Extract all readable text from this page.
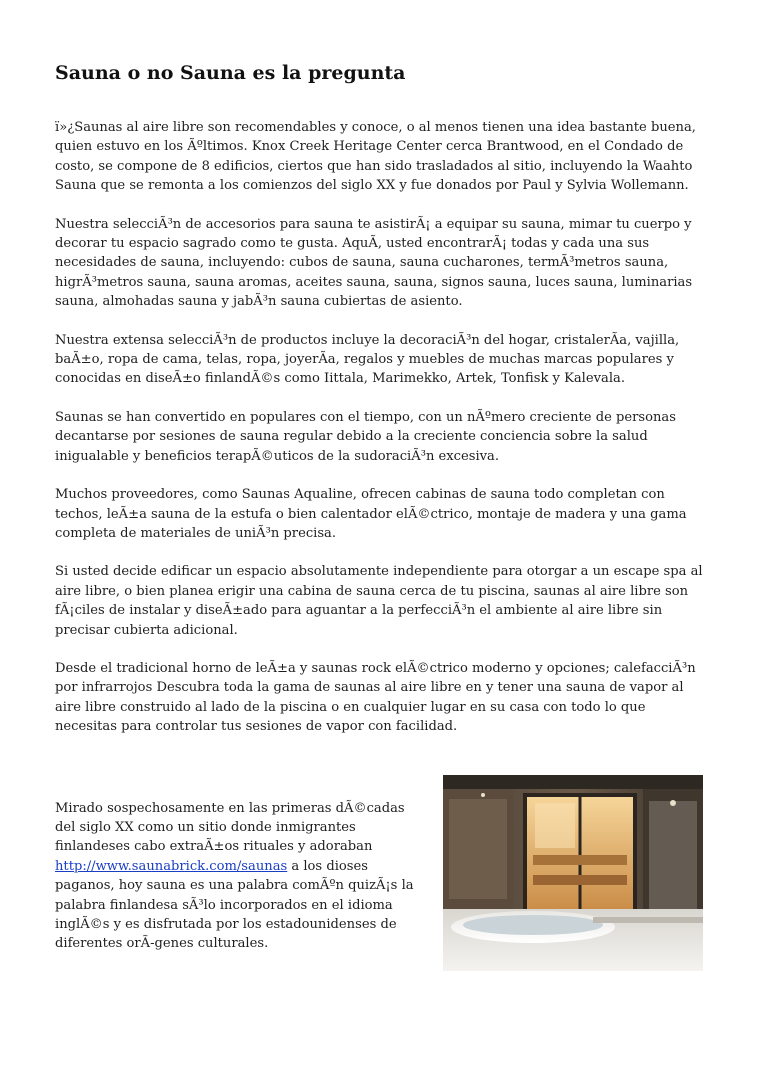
Sauna o no Sauna es la pregunta

ï»¿Saunas al aire libre son recomendables y conoce, o al menos tienen una idea bastante buena, quien estuvo en los Ãºltimos. Knox Creek Heritage Center cerca Brantwood, en el Condado de costo, se compone de 8 edificios, ciertos que han sido trasladados al sitio, incluyendo la Waahto Sauna que se remonta a los comienzos del siglo XX y fue donados por Paul y Sylvia Wollemann.

Nuestra selecciÃ³n de accesorios para sauna te asistirÃ¡ a equipar su sauna, mimar tu cuerpo y decorar tu espacio sagrado como te gusta. AquÃ, usted encontrarÃ¡ todas y cada una sus necesidades de sauna, incluyendo: cubos de sauna, sauna cucharones, termÃ³metros sauna, higrÃ³metros sauna, sauna aromas, aceites sauna, sauna, signos sauna, luces sauna, luminarias sauna, almohadas sauna y jabÃ³n sauna cubiertas de asiento.

Nuestra extensa selecciÃ³n de productos incluye la decoraciÃ³n del hogar, cristalerÃa, vajilla, baÃ±o, ropa de cama, telas, ropa, joyerÃa, regalos y muebles de muchas marcas populares y conocidas en diseÃ±o finlandÃ©s como Iittala, Marimekko, Artek, Tonfisk y Kalevala.

Saunas se han convertido en populares con el tiempo, con un nÃºmero creciente de personas decantarse por sesiones de sauna regular debido a la creciente conciencia sobre la salud inigualable y beneficios terapÃ©uticos de la sudoraciÃ³n excesiva.

Muchos proveedores, como Saunas Aqualine, ofrecen cabinas de sauna todo completan con techos, leÃ±a sauna de la estufa o bien calentador elÃ©ctrico, montaje de madera y una gama completa de materiales de uniÃ³n precisa.

Si usted decide edificar un espacio absolutamente independiente para otorgar a un escape spa al aire libre, o bien planea erigir una cabina de sauna cerca de tu piscina, saunas al aire libre son fÃ¡ciles de instalar y diseÃ±ado para aguantar a la perfecciÃ³n el ambiente al aire libre sin precisar cubierta adicional.

Desde el tradicional horno de leÃ±a y saunas rock elÃ©ctrico moderno y opciones; calefacciÃ³n por infrarrojos Descubra toda la gama de saunas al aire libre en y tener una sauna de vapor al aire libre construido al lado de la piscina o en cualquier lugar en su casa con todo lo que necesitas para controlar tus sesiones de vapor con facilidad.

Mirado sospechosamente en las primeras dÃ©cadas del siglo XX como un sitio donde inmigrantes finlandeses cabo extraÃ±os rituales y adoraban http://www.saunabrick.com/saunas a los dioses paganos, hoy sauna es una palabra comÃºn quizÃ¡s la palabra finlandesa sÃ³lo incorporados en el idioma inglÃ©s y es disfrutada por los estadounidenses de diferentes orÃ-genes culturales.
